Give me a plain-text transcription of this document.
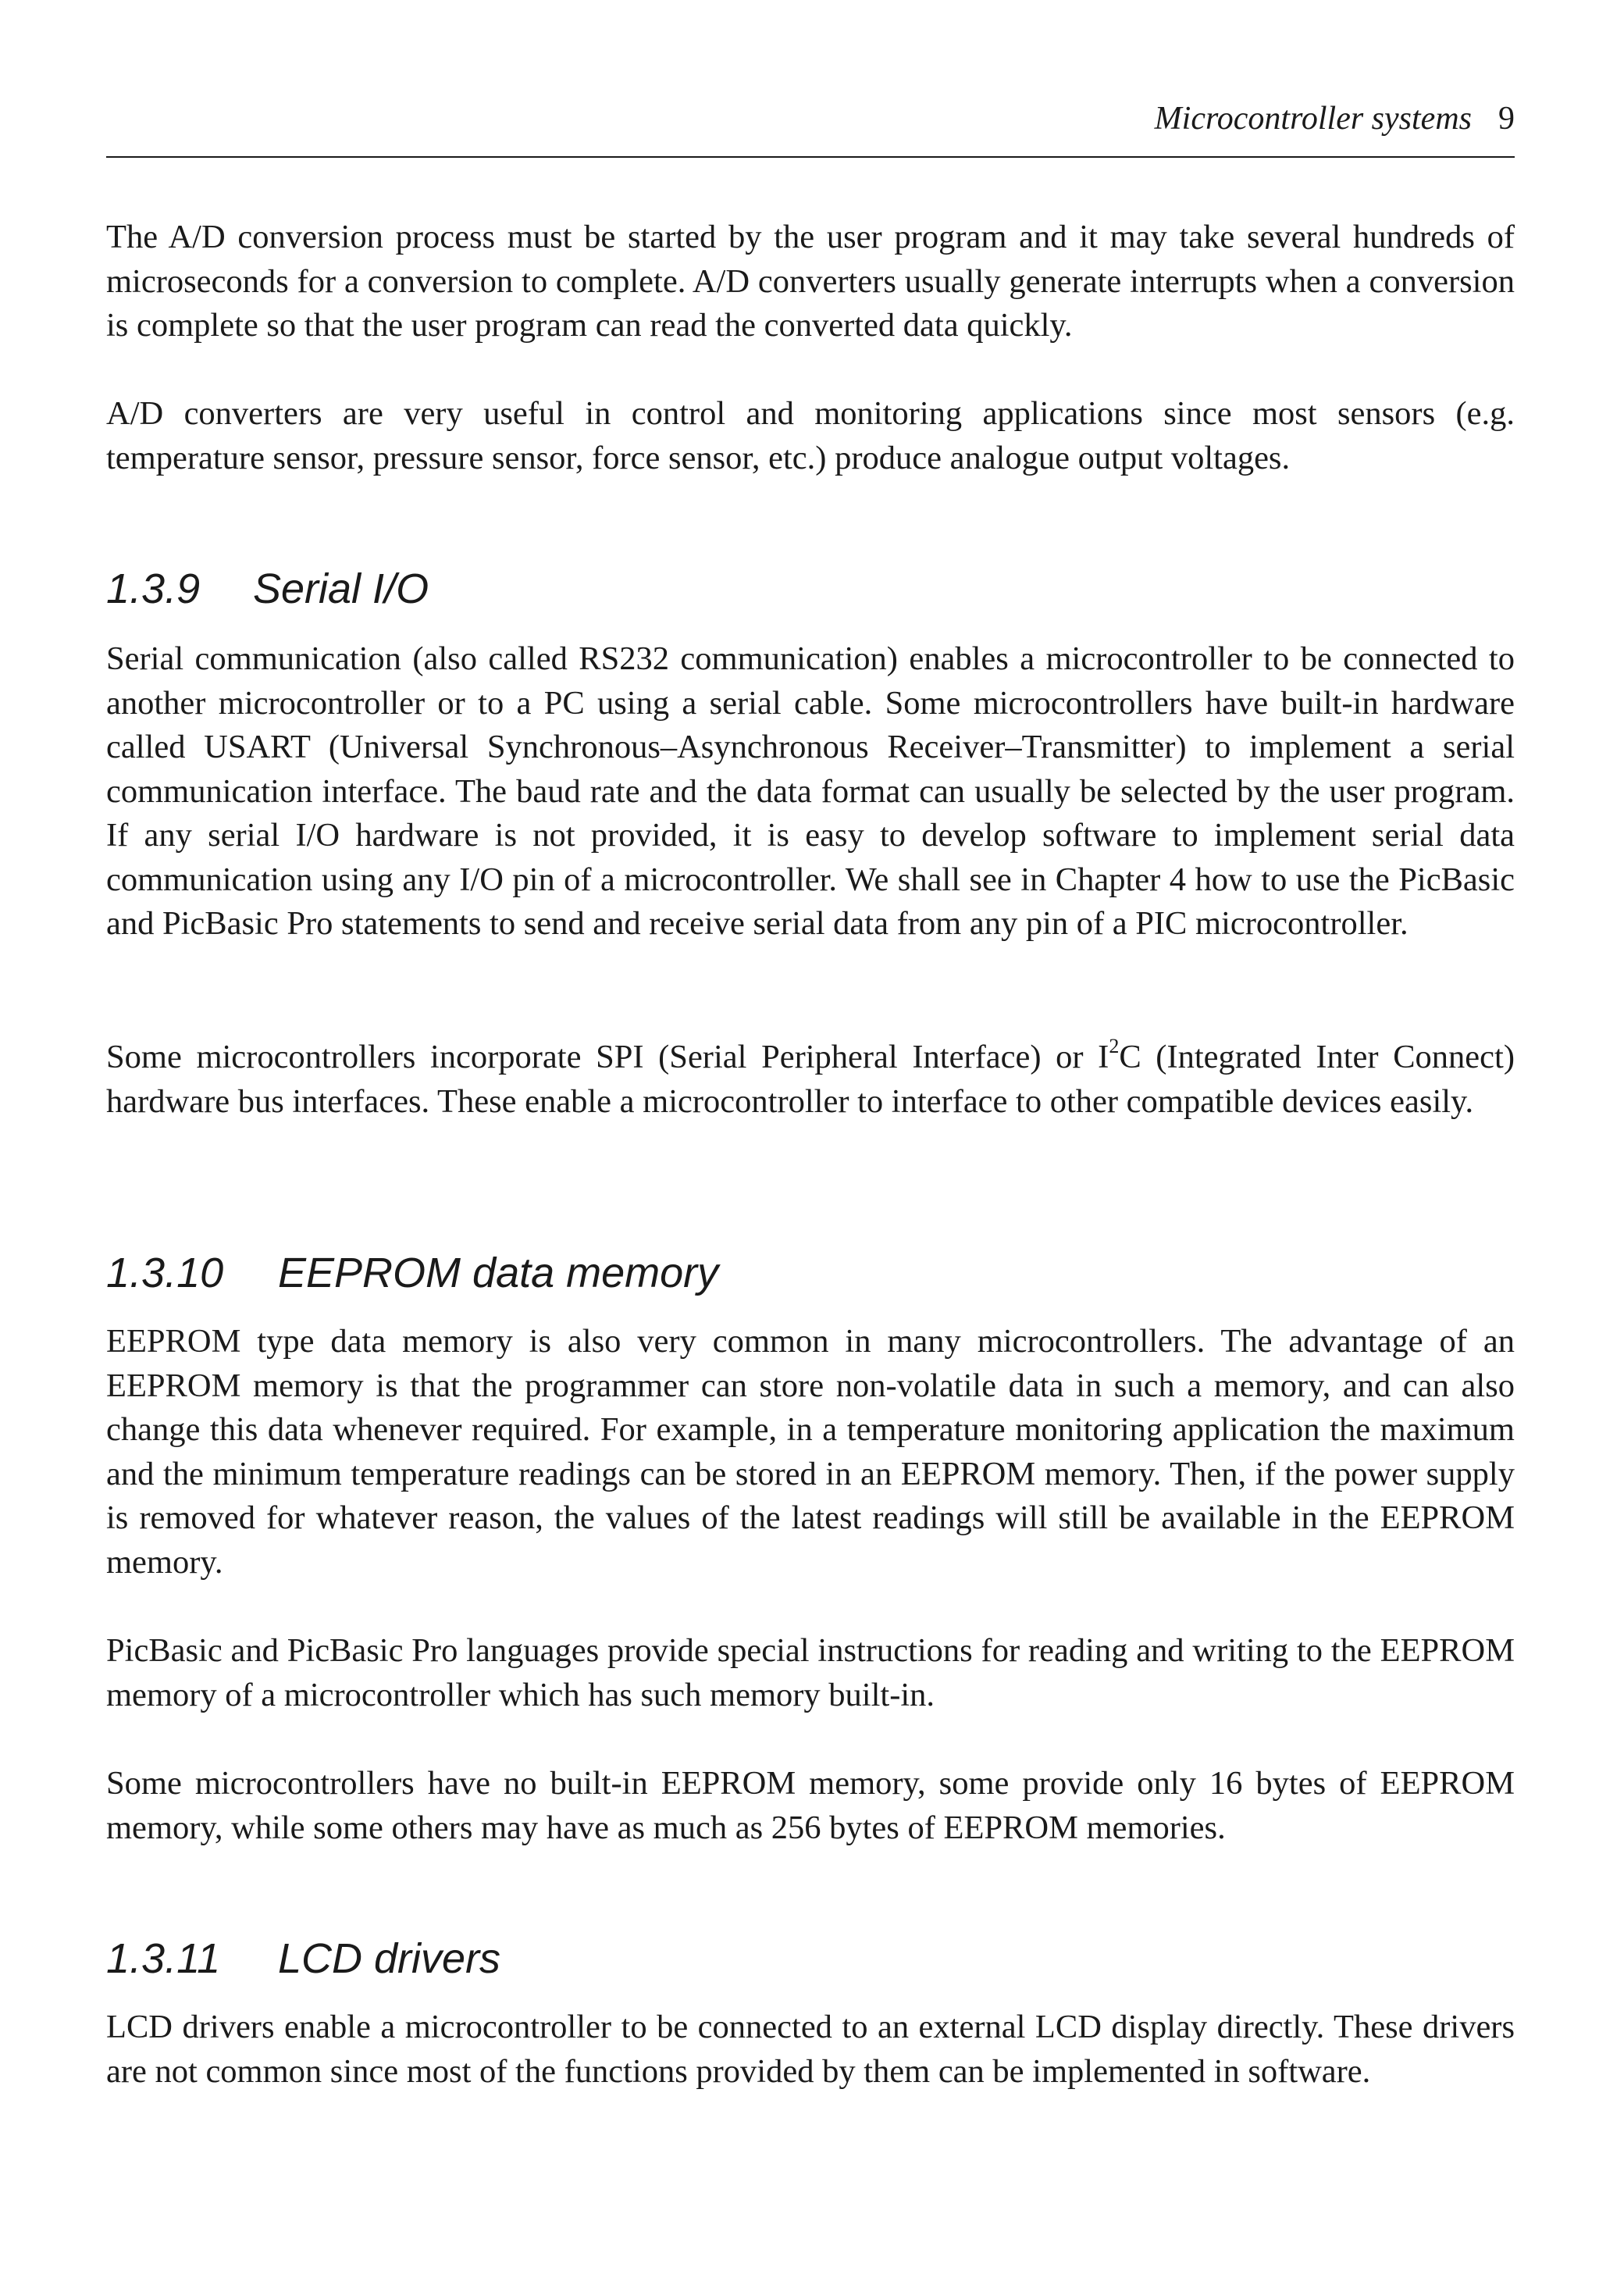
Microcontroller systems 9

The A/D conversion process must be started by the user program and it may take several hundreds of microseconds for a conversion to complete. A/D converters usually generate interrupts when a conversion is complete so that the user program can read the converted data quickly.

A/D converters are very useful in control and monitoring applications since most sensors (e.g. temperature sensor, pressure sensor, force sensor, etc.) produce analogue output voltages.

1.3.9 Serial I/O

Serial communication (also called RS232 communication) enables a microcontroller to be connected to another microcontroller or to a PC using a serial cable. Some microcontrollers have built-in hardware called USART (Universal Synchronous–Asynchronous Receiver–Transmitter) to implement a serial communication interface. The baud rate and the data format can usually be selected by the user program. If any serial I/O hardware is not provided, it is easy to develop software to implement serial data communication using any I/O pin of a microcontroller. We shall see in Chapter 4 how to use the PicBasic and PicBasic Pro statements to send and receive serial data from any pin of a PIC microcontroller.

Some microcontrollers incorporate SPI (Serial Peripheral Interface) or $I^2C$ (Integrated Inter Connect) hardware bus interfaces. These enable a microcontroller to interface to other compatible devices easily.

1.3.10 EEPROM data memory

EEPROM type data memory is also very common in many microcontrollers. The advantage of an EEPROM memory is that the programmer can store non-volatile data in such a memory, and can also change this data whenever required. For example, in a temperature monitoring application the maximum and the minimum temperature readings can be stored in an EEPROM memory. Then, if the power supply is removed for whatever reason, the values of the latest readings will still be available in the EEPROM memory.

PicBasic and PicBasic Pro languages provide special instructions for reading and writing to the EEPROM memory of a microcontroller which has such memory built-in.

Some microcontrollers have no built-in EEPROM memory, some provide only 16 bytes of EEPROM memory, while some others may have as much as 256 bytes of EEPROM memories.

1.3.11 LCD drivers

LCD drivers enable a microcontroller to be connected to an external LCD display directly. These drivers are not common since most of the functions provided by them can be implemented in software.
